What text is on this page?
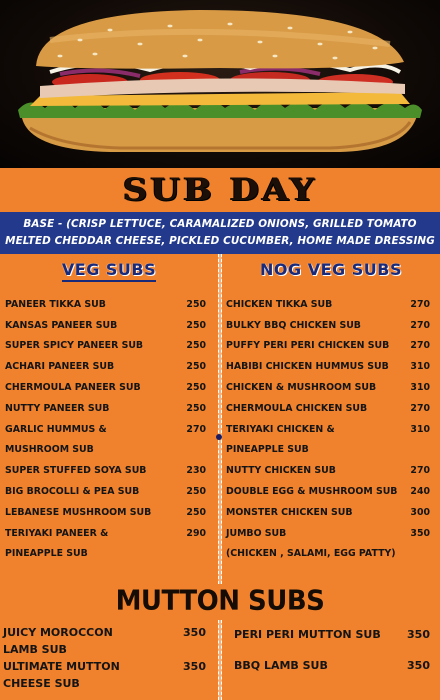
SUB DAY
BASE - (CRISP LETTUCE, CARAMALIZED ONIONS, GRILLED TOMATO
MELTED CHEDDAR CHEESE, PICKLED CUCUMBER, HOME MADE DRESSING
VEG SUBS
PANEER TIKKA SUB	250
KANSAS PANEER SUB	250
SUPER SPICY PANEER SUB	250
ACHARI PANEER SUB	250
CHERMOULA PANEER SUB	250
NUTTY PANEER SUB	250
GARLIC HUMMUS &	270
MUSHROOM SUB
SUPER STUFFED SOYA SUB	230
BIG BROCOLLI & PEA SUB	250
LEBANESE MUSHROOM SUB	250
TERIYAKI PANEER &	290
PINEAPPLE SUB
NOG VEG SUBS
CHICKEN TIKKA SUB	270
BULKY BBQ CHICKEN SUB	270
PUFFY PERI PERI CHICKEN SUB	270
HABIBI CHICKEN HUMMUS SUB	310
CHICKEN & MUSHROOM SUB	310
CHERMOULA CHICKEN SUB	270
TERIYAKI CHICKEN &	310
PINEAPPLE SUB
NUTTY CHICKEN SUB	270
DOUBLE EGG & MUSHROOM SUB	240
MONSTER CHICKEN SUB	300
JUMBO SUB	350
(CHICKEN , SALAMI, EGG PATTY)
MUTTON SUBS
JUICY MOROCCON	350
LAMB SUB
ULTIMATE MUTTON	350
CHEESE SUB
PERI PERI MUTTON SUB 350
BBQ LAMB SUB	350
